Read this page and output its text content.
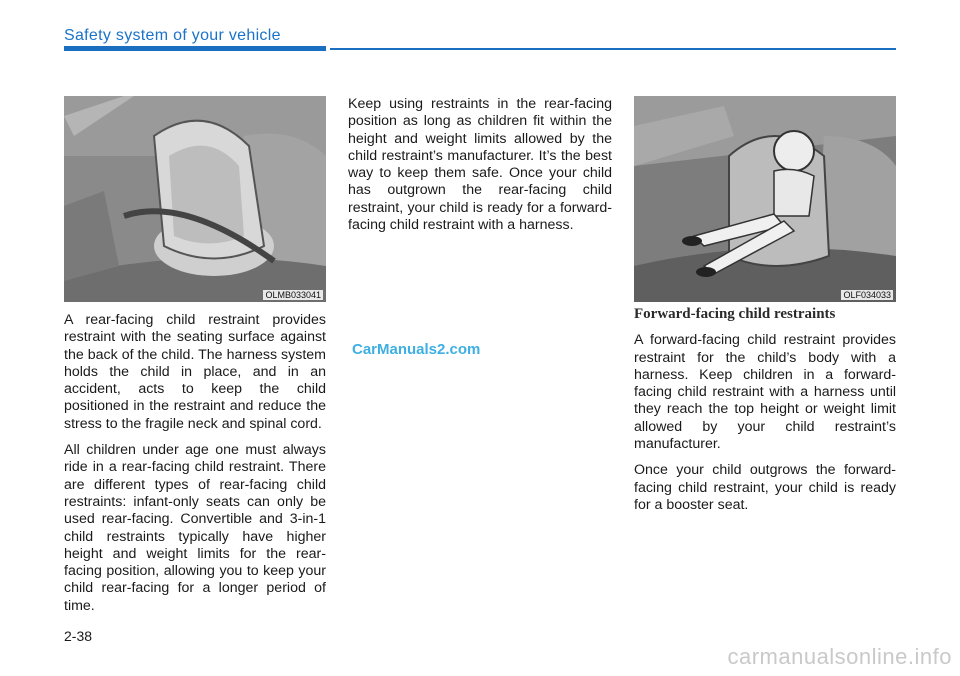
Safety system of your vehicle
OLMB033041	OLF034033

A rear-facing child restraint provides restraint with the seating surface against the back of the child. The harness system holds the child in place, and in an accident, acts to keep the child positioned in the restraint and reduce the stress to the fragile neck and spinal cord.

All children under age one must always ride in a rear-facing child restraint. There are different types of rear-facing child restraints: infant-only seats can only be used rear-facing. Convertible and 3-in-1 child restraints typically have higher height and weight limits for the rear-facing position, allowing you to keep your child rear-facing for a longer period of time.

Keep using restraints in the rear-facing position as long as children fit within the height and weight limits allowed by the child restraint’s manufacturer. It’s the best way to keep them safe. Once your child has outgrown the rear-facing child restraint, your child is ready for a forward-facing child restraint with a harness.

Forward-facing child restraints

A forward-facing child restraint provides restraint for the child’s body with a harness. Keep children in a forward-facing child restraint with a harness until they reach the top height or weight limit allowed by your child restraint’s manufacturer.

Once your child outgrows the forward-facing child restraint, your child is ready for a booster seat.

CarManuals2.com
2-38
carmanualsonline.info
